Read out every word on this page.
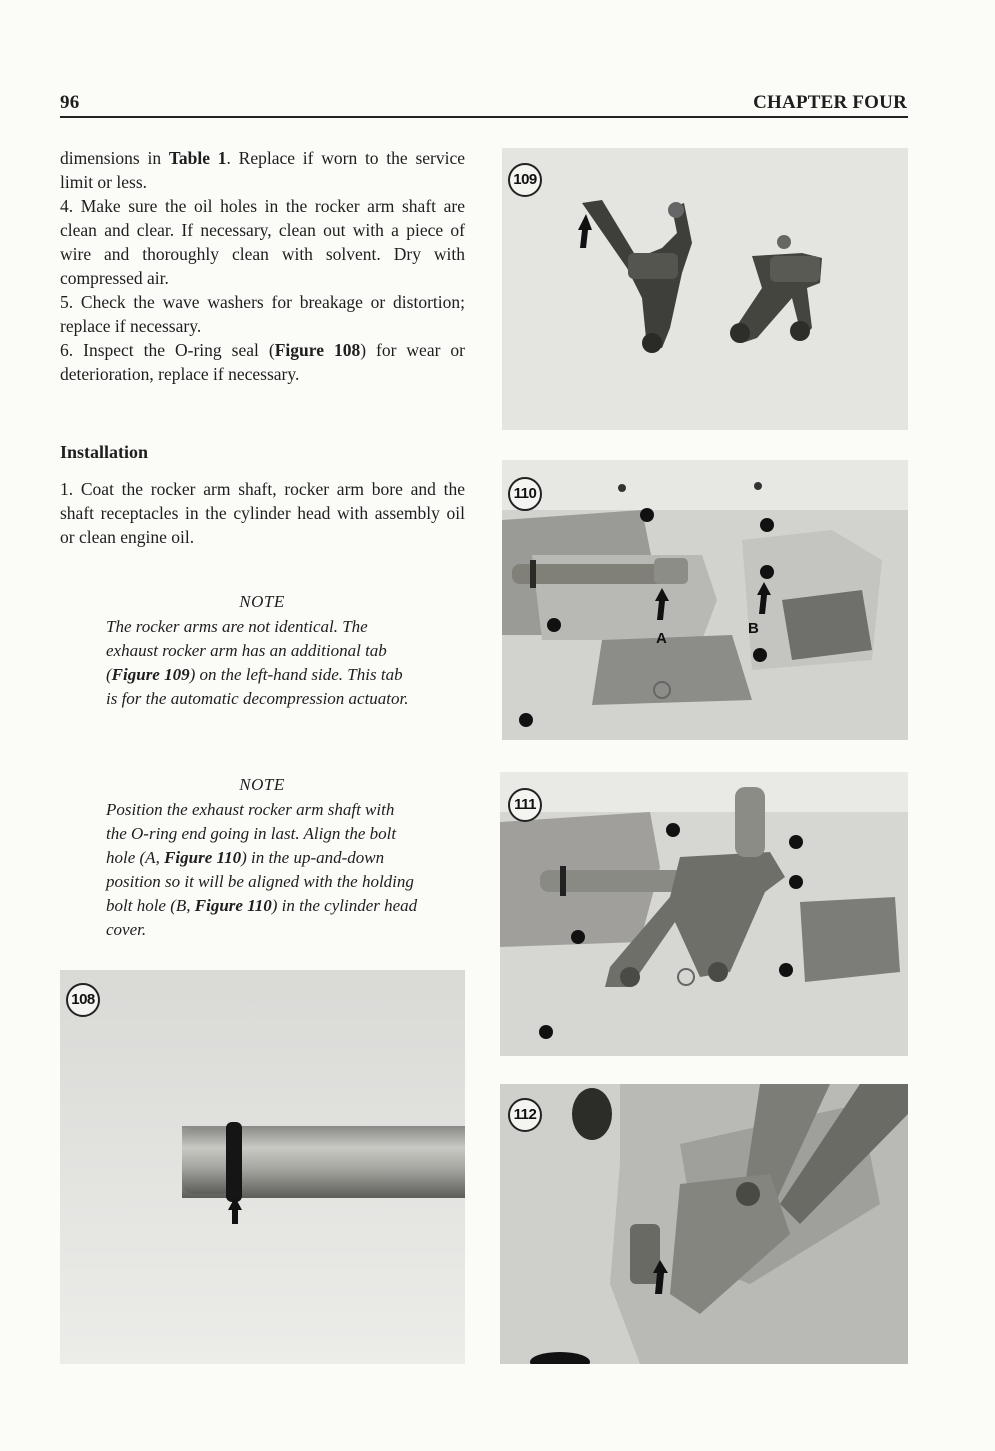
96	CHAPTER FOUR

dimensions in Table 1. Replace if worn to the service limit or less.

4. Make sure the oil holes in the rocker arm shaft are clean and clear. If necessary, clean out with a piece of wire and thoroughly clean with solvent. Dry with compressed air.

5. Check the wave washers for breakage or distortion; replace if necessary.

6. Inspect the O-ring seal (Figure 108) for wear or deterioration, replace if necessary.

Installation

1. Coat the rocker arm shaft, rocker arm bore and the shaft receptacles in the cylinder head with assembly oil or clean engine oil.

NOTE

The rocker arms are not identical. The exhaust rocker arm has an additional tab (Figure 109) on the left-hand side. This tab is for the automatic decompression actuator.

NOTE

Position the exhaust rocker arm shaft with the O-ring end going in last. Align the bolt hole (A, Figure 110) in the up-and-down position so it will be aligned with the holding bolt hole (B, Figure 110) in the cylinder head cover.

108
109
110
A
B
111
112
